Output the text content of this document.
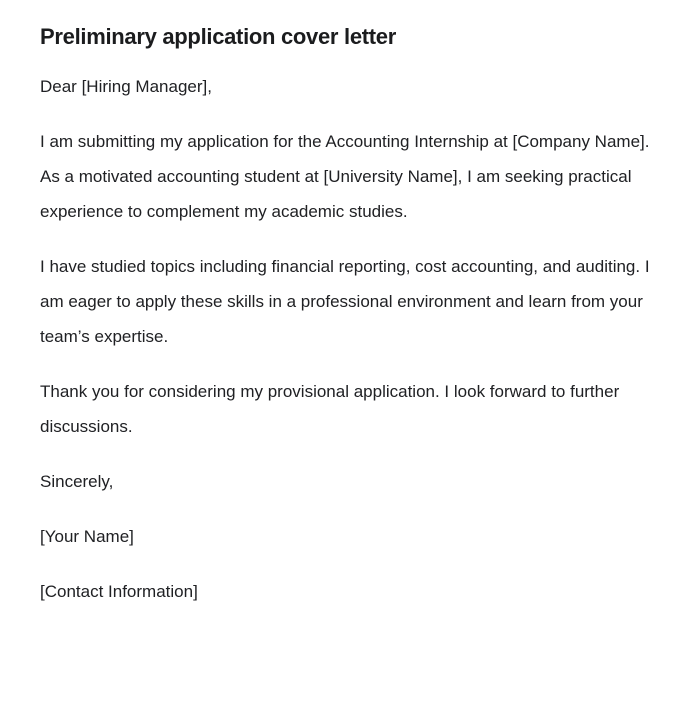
Preliminary application cover letter

Dear [Hiring Manager],

I am submitting my application for the Accounting Internship at [Company Name]. As a motivated accounting student at [University Name], I am seeking practical experience to complement my academic studies.

I have studied topics including financial reporting, cost accounting, and auditing. I am eager to apply these skills in a professional environment and learn from your team’s expertise.

Thank you for considering my provisional application. I look forward to further discussions.

Sincerely,

[Your Name]

[Contact Information]
